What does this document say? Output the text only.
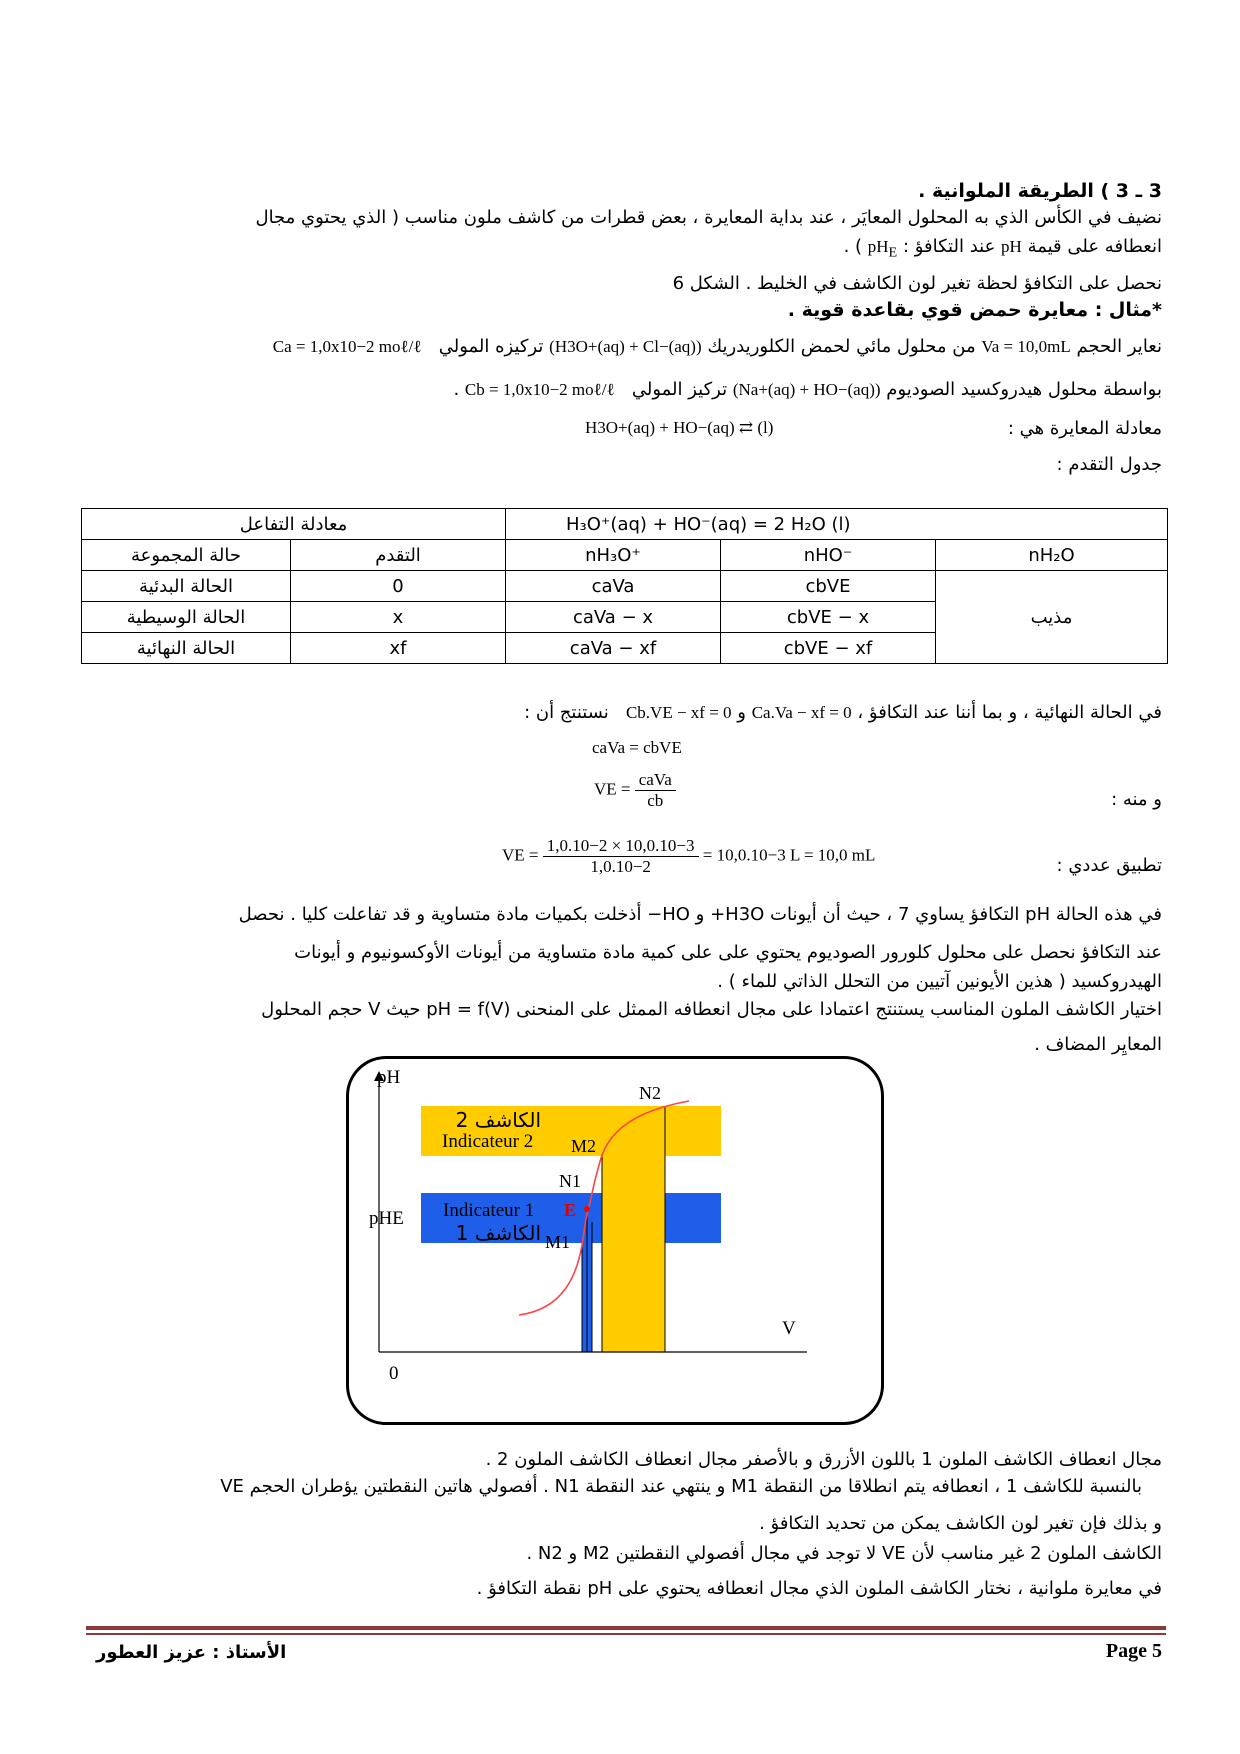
3 ـ 3 ) الطريقة الملوانية .
نضيف في الكأس الذي به المحلول المعايَر ، عند بداية المعايرة ، بعض قطرات من كاشف ملون مناسب ( الذي يحتوي مجال
انعطافه على قيمة pH عند التكافؤ : $pH_E$ ) .
نحصل على التكافؤ لحظة تغير لون الكاشف في الخليط . الشكل 6
*مثال : معايرة حمض قوي بقاعدة قوية .
نعاير الحجم Va = 10,0mL من محلول مائي لحمض الكلوريدريك (H3O+(aq) + Cl−(aq)) تركيزه المولي   Ca = 1,0x10−2 moℓ/ℓ
بواسطة محلول هيدروكسيد الصوديوم (Na+(aq) + HO−(aq)) تركيز المولي   Cb = 1,0x10−2 moℓ/ℓ .
معادلة المعايرة هي :
H3O+(aq) + HO−(aq) ⇄ (l)
جدول التقدم :
معادلة التفاعل		H₃O⁺(aq) + HO⁻(aq) = 2 H₂O (l)		
حالة المجموعة	التقدم	nH₃O⁺	nHO⁻	nH₂O
الحالة البدئية	0	caVa	cbVE	مذيب
الحالة الوسيطية	x	caVa − x	cbVE − x	
الحالة النهائية	xf	caVa − xf	cbVE − xf	
في الحالة النهائية ، و بما أننا عند التكافؤ ، Ca.Va − xf = 0 و Cb.VE − xf = 0   نستنتج أن :
caVa = cbVE
و منه :
VE = $\frac{\text{caVa}}{cb}$
تطبيق عددي :
VE = $\frac{1,0.10-2 \times 10,0.10-3}{1,0.10-2} = 10,0.10-3$ L = 10,0 mL
في هذه الحالة pH التكافؤ يساوي 7 ، حيث أن أيونات H3O+ و HO− أذخلت بكميات مادة متساوية و قد تفاعلت كليا . نحصل
عند التكافؤ نحصل على محلول كلورور الصوديوم يحتوي على على كمية مادة متساوية من أيونات الأوكسونيوم و أيونات
الهيدروكسيد ( هذين الأيونين آتيين من التحلل الذاتي للماء ) .
اختيار الكاشف الملون المناسب يستنتج اعتمادا على مجال انعطافه الممثل على المنحنى pH = f(V) حيث V حجم المحلول
المعايِر المضاف .
pH
V
0
pHE
الكاشف 2
Indicateur 2
Indicateur 1
الكاشف 1
E
N2
M2
N1
M1
مجال انعطاف الكاشف الملون 1 باللون الأزرق و بالأصفر مجال انعطاف الكاشف الملون 2 .
بالنسبة للكاشف 1 ، انعطافه يتم انطلاقا من النقطة M1 و ينتهي عند النقطة N1 . أفصولي هاتين النقطتين يؤطران الحجم VE
و بذلك فإن تغير لون الكاشف يمكن من تحديد التكافؤ .
الكاشف الملون 2 غير مناسب لأن VE لا توجد في مجال أفصولي النقطتين M2 و N2 .
في معايرة ملوانية ، نختار الكاشف الملون الذي مجال انعطافه يحتوي على pH نقطة التكافؤ .
الأستاذ : عزيز العطور	Page 5
